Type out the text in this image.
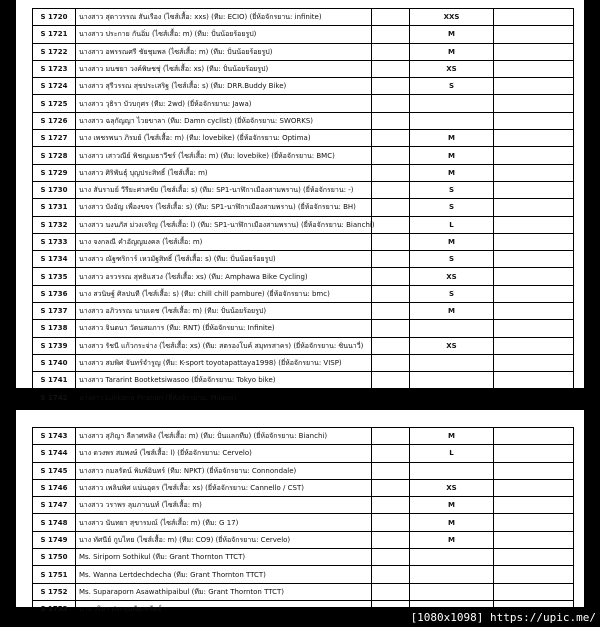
S 1720	นางสาว สุดาวรรณ สันเรือง (ไซส์เสื้อ: xxs) (ทีม: ECIO) (ยี่ห้อจักรยาน: infinite)		XXS	
S 1721	นางสาว ประกาย กันอิ่ม (ไซส์เสื้อ: m) (ทีม: ปั่นน้อยร้อยรูป)		M	
S 1722	นางสาว อพรรณศรี ชัยชุมพล (ไซส์เสื้อ: m) (ทีม: ปั่นน้อยร้อยรูป)		M	
S 1723	นางสาว มนชยา วงค์พิษชชุ่ (ไซส์เสื้อ: xs) (ทีม: ปั่นน้อยร้อยรูป)		XS	
S 1724	นางสาว สุรีวรรณ สุขประเสริฐ (ไซส์เสื้อ: s) (ทีม: DRR.Buddy Bike)		S	
S 1725	นางสาว วุธิรา บัวบกุศร (ทีม: 2wd) (ยี่ห้อจักรยาน: Jawa)			
S 1726	นางสาว ฉลุกัญญา ไวยขาลา (ทีม: Damn cyclist) (ยี่ห้อจักรยาน: SWORKS)			
S 1727	นาง เพชรพนา ภิรมย์ (ไซส์เสื้อ: m) (ทีม: lovebike) (ยี่ห้อจักรยาน: Optima)		M	
S 1728	นางสาว เสาวณีย์ พิชญเมธาวีชร์ (ไซส์เสื้อ: m) (ทีม: lovebike) (ยี่ห้อจักรยาน: BMC)		M	
S 1729	นางสาว ศิริพันธุ์ บุญประสิทธิ์ (ไซส์เสื้อ: m)		M	
S 1730	นาง สันรามย์ วีรียะศาสขัย (ไซส์เสื้อ: s) (ทีม: SP1-นาฬิกาเมืองสามพราน) (ยี่ห้อจักรยาน: -)		S	
S 1731	นางสาว บังอัญ เพื่องขจร (ไซส์เสื้อ: s) (ทีม: SP1-นาฬิกาเมืองสามพราน) (ยี่ห้อจักรยาน: BH)		S	
S 1732	นางสาว นงนภัส ม่วงเจริญ (ไซส์เสื้อ: l) (ทีม: SP1-นาฬิกาเมืองสามพราน) (ยี่ห้อจักรยาน: Bianchi)		L	
S 1733	นาง จงกลณี คำอัญญมงคล (ไซส์เสื้อ: m)		M	
S 1734	นางสาว ณัฐฑริการ์ เหวมัฐสิทธิ์ (ไซส์เสื้อ: s) (ทีม: ปั่นน้อยร้อยรูป)		S	
S 1735	นางสาว อรวรรณ สุทธิแสวง (ไซส์เสื้อ: xs) (ทีม: Amphawa Bike Cycling)		XS	
S 1736	นาง สวนิษฐ์ ศิลปนที (ไซส์เสื้อ: s) (ทีม: chill chill pambure) (ยี่ห้อจักรยาน: bmc)		S	
S 1737	นางสาว อภิวรรณ นามเดช (ไซส์เสื้อ: m) (ทีม: ปั่นน้อยร้อยรูป)		M	
S 1738	นางสาว จินตนา วัตนสมภาร (ทีม: RNT) (ยี่ห้อจักรยาน: Infinite)			
S 1739	นางสาว รัชนี แก้วกระจ่าง (ไซส์เสื้อ: xs) (ทีม: สตรองโบค์ สมุทรสาคร) (ยี่ห้อจักรยาน: ซินนาวี่)		XS	
S 1740	นางสาว สมพิศ จันทร์จำรูญ (ทีม: K-sport toyotapattaya1998) (ยี่ห้อจักรยาน: VISP)			
S 1741	นางสาว Tararint Bootketsiwasoo (ยี่ห้อจักรยาน: Tokyo bike)			
S 1742	นางสาว Lukkana Piranon (ยี่ห้อจักรยาน: Milano)			
S 1743	นางสาว สุภิญา ลีลาศหลิง (ไซส์เสื้อ: m) (ทีม: ปั่นแลกทีม) (ยี่ห้อจักรยาน: Bianchi)		M	
S 1744	นาง ดวงพร สมพงษ์ (ไซส์เสื้อ: l) (ยี่ห้อจักรยาน: Cervelo)		L	
S 1745	นางสาว กมลรัตน์ พิมพ์อินทร์ (ทีม: NPKT) (ยี่ห้อจักรยาน: Connondale)			
S 1746	นางสาว เพลินพิศ แน่นอุดร (ไซส์เสื้อ: xs) (ยี่ห้อจักรยาน: Cannello / CST)		XS	
S 1747	นางสาว วราพร ลุมภานนท์ (ไซส์เสื้อ: m)		M	
S 1748	นางสาว นันทยา สุขารมณ์ (ไซส์เสื้อ: m) (ทีม: G 17)		M	
S 1749	นาง ทัศนีย์ กูบไทย (ไซส์เสื้อ: m) (ทีม: CO9) (ยี่ห้อจักรยาน: Cervelo)		M	
S 1750	Ms. Siriporn Sothikul (ทีม: Grant Thornton TTCT)			
S 1751	Ms. Wanna Lertdechdecha (ทีม: Grant Thornton TTCT)			
S 1752	Ms. Suparaporn Asawathipaibul (ทีม: Grant Thornton TTCT)			
S 1753	นาง วริยา ประทุมพัฒฑรัตย์			
[1080x1098] https://upic.me/
